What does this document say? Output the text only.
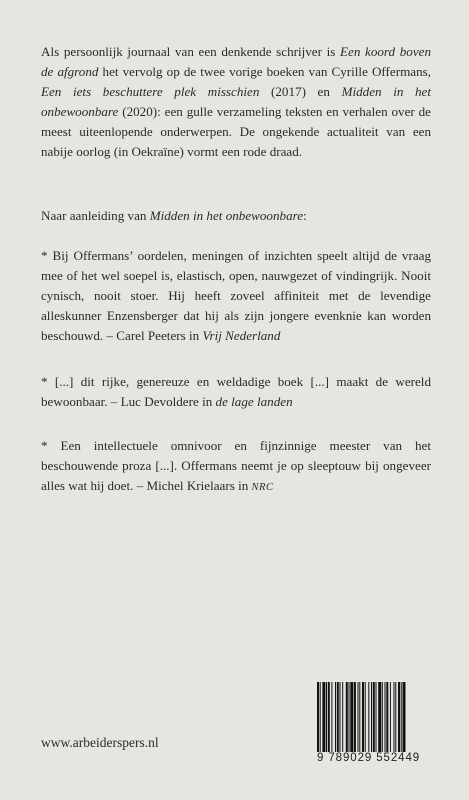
Als persoonlijk journaal van een denkende schrijver is Een koord boven de afgrond het vervolg op de twee vorige boeken van Cyrille Offermans, Een iets beschuttere plek misschien (2017) en Midden in het onbewoonbare (2020): een gulle verzameling teksten en verhalen over de meest uiteenlopende onderwerpen. De ongekende actualiteit van een nabije oorlog (in Oekraïne) vormt een rode draad.

Naar aanleiding van Midden in het onbewoonbare:

* Bij Offermans’ oordelen, meningen of inzichten speelt altijd de vraag mee of het wel soepel is, elastisch, open, nauwgezet of vindingrijk. Nooit cynisch, nooit stoer. Hij heeft zoveel affiniteit met de levendige alleskunner Enzensberger dat hij als zijn jongere evenknie kan worden beschouwd. – Carel Peeters in Vrij Nederland

* [...] dit rijke, genereuze en weldadige boek [...] maakt de wereld bewoonbaar. – Luc Devoldere in de lage landen

* Een intellectuele omnivoor en fijnzinnige meester van het beschouwende proza [...]. Offermans neemt je op sleeptouw bij ongeveer alles wat hij doet. – Michel Krielaars in NRC

www.arbeiderspers.nl
9 789029 552449
